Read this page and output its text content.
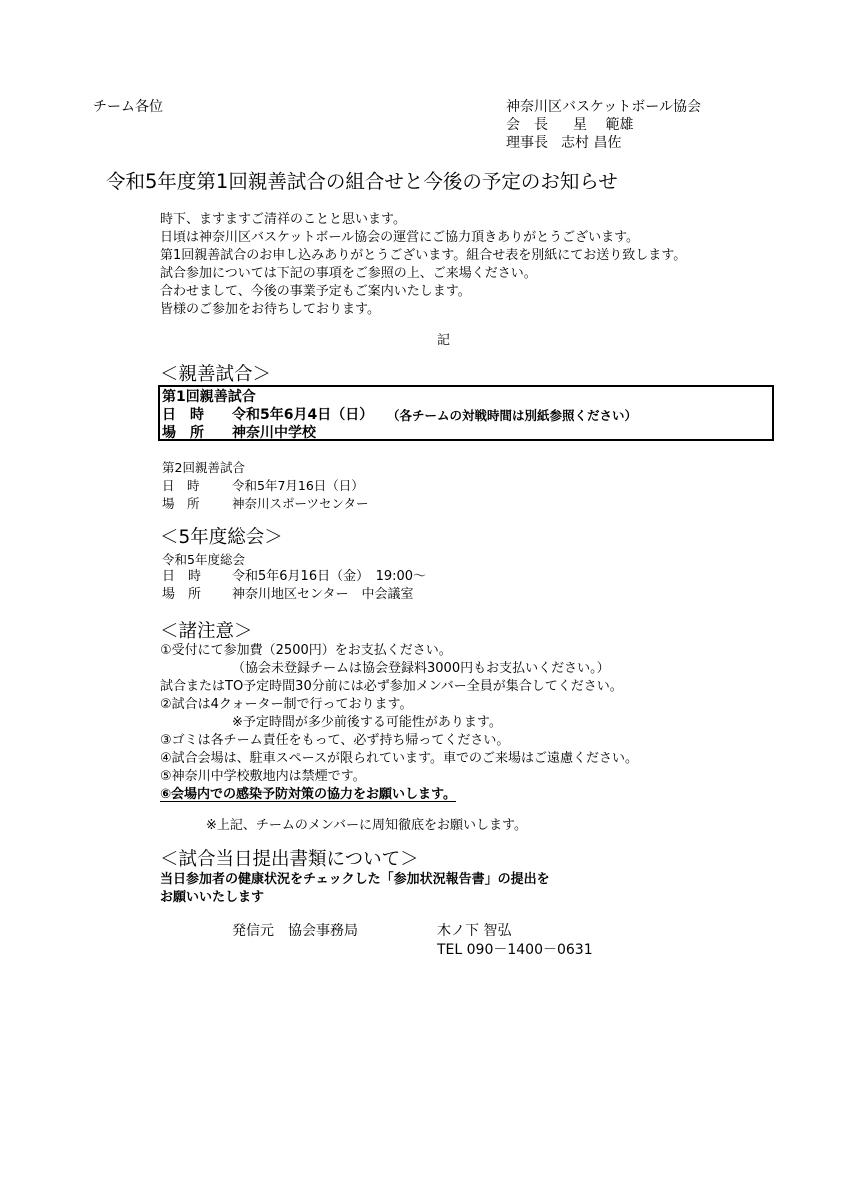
チーム各位	神奈川区バスケットボール協会
会　長 星　 範雄
理事長 志村 昌佐
令和5年度第1回親善試合の組合せと今後の予定のお知らせ
時下、ますますご清祥のことと思います。
日頃は神奈川区バスケットボール協会の運営にご協力頂きありがとうございます。
第1回親善試合のお申し込みありがとうございます。組合せ表を別紙にてお送り致します。
試合参加については下記の事項をご参照の上、ご来場ください。
合わせまして、今後の事業予定もご案内いたします。
皆様のご参加をお待ちしております。
記
＜親善試合＞
第1回親善試合
日　時 令和5年6月4日（日） （各チームの対戦時間は別紙参照ください）
場　所 神奈川中学校
第2回親善試合
日　時	令和5年7月16日（日）
場　所	神奈川スポーツセンター
＜5年度総会＞
令和5年度総会
日　時 令和5年6月16日（金）　19:00～
場　所 神奈川地区センター　中会議室
＜諸注意＞
①受付にて参加費（2500円）をお支払ください。
（協会未登録チームは協会登録料3000円もお支払いください。）
試合またはTO予定時間30分前には必ず参加メンバー全員が集合してください。
②試合は4クォーター制で行っております。
※予定時間が多少前後する可能性があります。
③ゴミは各チーム責任をもって、必ず持ち帰ってください。
④試合会場は、駐車スペースが限られています。車でのご来場はご遠慮ください。
⑤神奈川中学校敷地内は禁煙です。
⑥会場内での感染予防対策の協力をお願いします。
※上記、チームのメンバーに周知徹底をお願いします。
＜試合当日提出書類について＞
当日参加者の健康状況をチェックした「参加状況報告書」の提出を
お願いいたします
発信元　協会事務局	木ノ下 智弘
TEL 090－1400－0631
